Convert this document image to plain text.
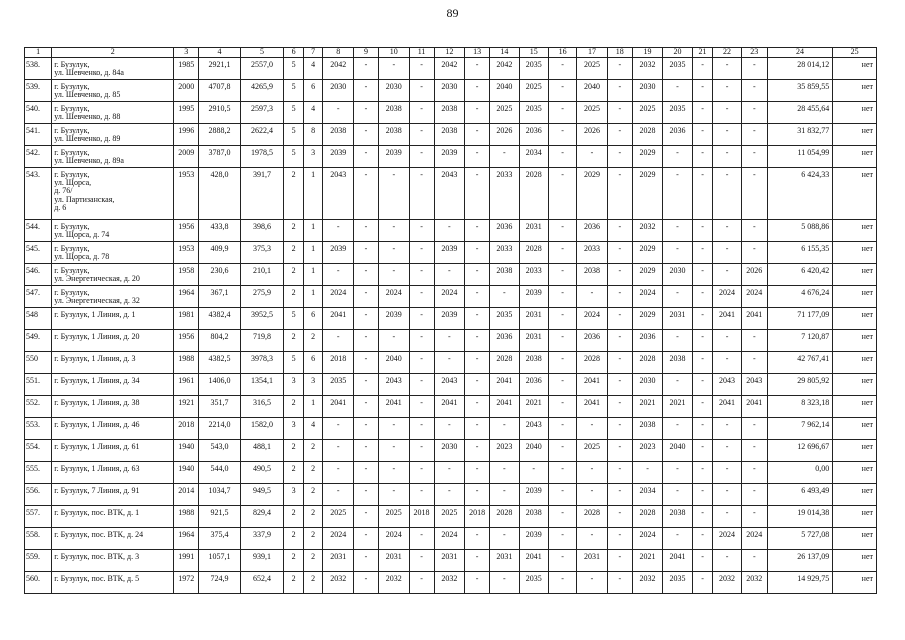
89
1	2	3	4	5	6	7	8	9	10	11	12	13	14	15	16	17	18	19	20	21	22	23	24	25
538.	г. Бузулук,
ул. Шевченко, д. 84а	1985	2921,1	2557,0	5	4	2042	-	-	-	2042	-	2042	2035	-	2025	-	2032	2035	-	-	-	28 014,12	нет
539.	г. Бузулук,
ул. Шевченко, д. 85	2000	4707,8	4265,9	5	6	2030	-	2030	-	2030	-	2040	2025	-	2040	-	2030	-	-	-	-	35 859,55	нет
540.	г. Бузулук,
ул. Шевченко, д. 88	1995	2910,5	2597,3	5	4	-	-	2038	-	2038	-	2025	2035	-	2025	-	2025	2035	-	-	-	28 455,64	нет
541.	г. Бузулук,
ул. Шевченко, д. 89	1996	2888,2	2622,4	5	8	2038	-	2038	-	2038	-	2026	2036	-	2026	-	2028	2036	-	-	-	31 832,77	нет
542.	г. Бузулук,
ул. Шевченко, д. 89а	2009	3787,0	1978,5	5	3	2039	-	2039	-	2039	-	-	2034	-	-	-	2029	-	-	-	-	11 054,99	нет
543.	г. Бузулук,
ул. Щорса,
д. 76/
ул. Партизанская,
д. 6	1953	428,0	391,7	2	1	2043	-	-	-	2043	-	2033	2028	-	2029	-	2029	-	-	-	-	6 424,33	нет
544.	г. Бузулук,
ул. Щорса, д. 74	1956	433,8	398,6	2	1	-	-	-	-	-	-	2036	2031	-	2036	-	2032	-	-	-	-	5 088,86	нет
545.	г. Бузулук,
ул. Щорса, д. 78	1953	409,9	375,3	2	1	2039	-	-	-	2039	-	2033	2028	-	2033	-	2029	-	-	-	-	6 155,35	нет
546.	г. Бузулук,
ул. Энергетическая, д. 20	1958	230,6	210,1	2	1	-	-	-	-	-	-	2038	2033	-	2038	-	2029	2030	-	-	2026	6 420,42	нет
547.	г. Бузулук,
ул. Энергетическая, д. 32	1964	367,1	275,9	2	1	2024	-	2024	-	2024	-	-	2039	-	-	-	2024	-	-	2024	2024	4 676,24	нет
548	г. Бузулук, 1 Линия, д. 1	1981	4382,4	3952,5	5	6	2041	-	2039	-	2039	-	2035	2031	-	2024	-	2029	2031	-	2041	2041	71 177,09	нет
549.	г. Бузулук, 1 Линия, д. 20	1956	804,2	719,8	2	2	-	-	-	-	-	-	2036	2031	-	2036	-	2036	-	-	-	-	7 120,87	нет
550	г. Бузулук, 1 Линия, д. 3	1988	4382,5	3978,3	5	6	2018	-	2040	-	-	-	2028	2038	-	2028	-	2028	2038	-	-	-	42 767,41	нет
551.	г. Бузулук, 1 Линия, д. 34	1961	1406,0	1354,1	3	3	2035	-	2043	-	2043	-	2041	2036	-	2041	-	2030	-	-	2043	2043	29 805,92	нет
552.	г. Бузулук, 1 Линия, д. 38	1921	351,7	316,5	2	1	2041	-	2041	-	2041	-	2041	2021	-	2041	-	2021	2021	-	2041	2041	8 323,18	нет
553.	г. Бузулук, 1 Линия, д. 46	2018	2214,0	1582,0	3	4	-	-	-	-	-	-	-	2043	-	-	-	2038	-	-	-	-	7 962,14	нет
554.	г. Бузулук, 1 Линия, д. 61	1940	543,0	488,1	2	2	-	-	-	-	2030	-	2023	2040	-	2025	-	2023	2040	-	-	-	12 696,67	нет
555.	г. Бузулук, 1 Линия, д. 63	1940	544,0	490,5	2	2	-	-	-	-	-	-	-	-	-	-	-	-	-	-	-	-	0,00	нет
556.	г. Бузулук, 7 Линия, д. 91	2014	1034,7	949,5	3	2	-	-	-	-	-	-	-	2039	-	-	-	2034	-	-	-	-	6 493,49	нет
557.	г. Бузулук, пос. ВТК, д. 1	1988	921,5	829,4	2	2	2025	-	2025	2018	2025	2018	2028	2038	-	2028	-	2028	2038	-	-	-	19 014,38	нет
558.	г. Бузулук, пос. ВТК, д. 24	1964	375,4	337,9	2	2	2024	-	2024	-	2024	-	-	2039	-	-	-	2024	-	-	2024	2024	5 727,08	нет
559.	г. Бузулук, пос. ВТК, д. 3	1991	1057,1	939,1	2	2	2031	-	2031	-	2031	-	2031	2041	-	2031	-	2021	2041	-	-	-	26 137,09	нет
560.	г. Бузулук, пос. ВТК, д. 5	1972	724,9	652,4	2	2	2032	-	2032	-	2032	-	-	2035	-	-	-	2032	2035	-	2032	2032	14 929,75	нет
